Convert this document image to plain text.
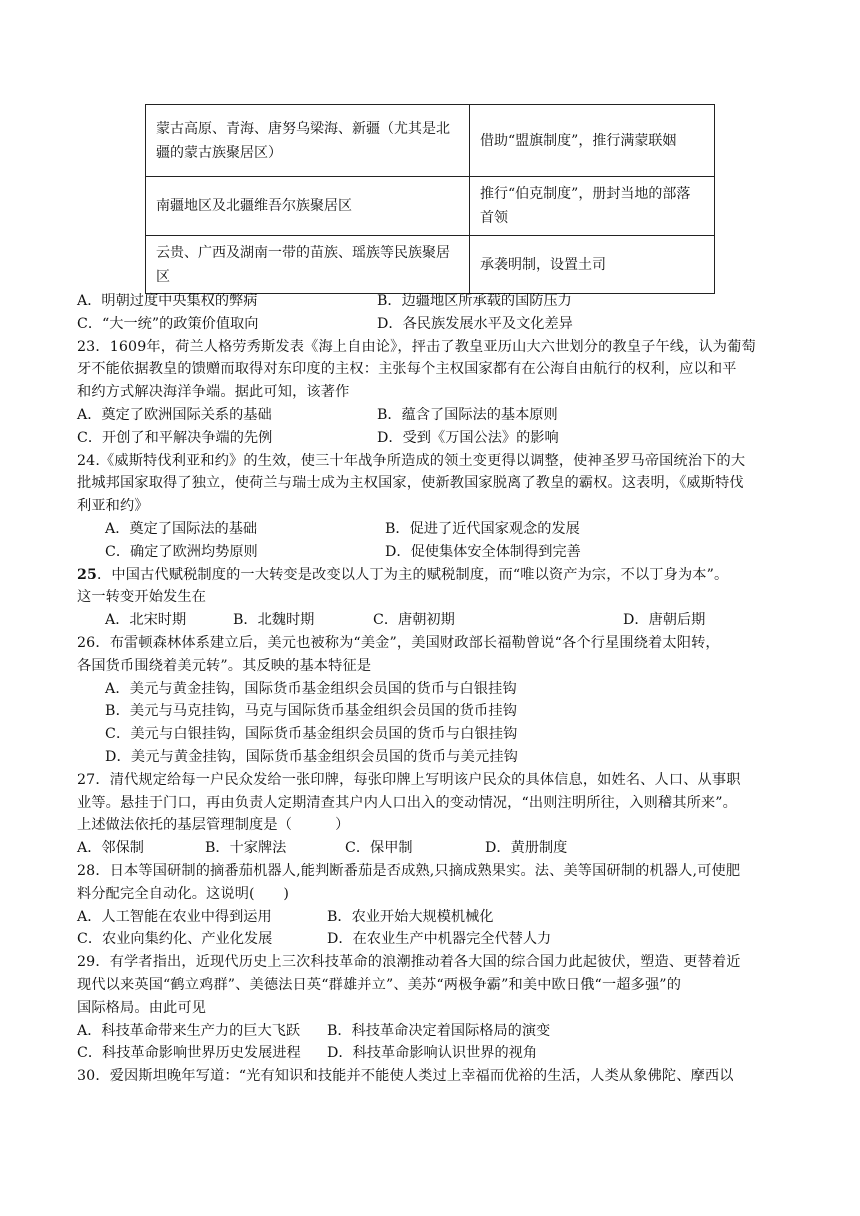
蒙古高原、青海、唐努乌梁海、新疆（尤其是北疆的蒙古族聚居区）	借助“盟旗制度”，推行满蒙联姻
南疆地区及北疆维吾尔族聚居区	推行“伯克制度”，册封当地的部落首领
云贵、广西及湖南一带的苗族、瑶族等民族聚居区	承袭明制，设置土司
A．明朝过度中央集权的弊病	B．边疆地区所承载的国防压力
C．“大一统”的政策价值取向	D．各民族发展水平及文化差异
23．1609年，荷兰人格劳秀斯发表《海上自由论》，抨击了教皇亚历山大六世划分的教皇子午线，认为葡萄
牙不能依据教皇的馈赠而取得对东印度的主权：主张每个主权国家都有在公海自由航行的权利，应以和平
和约方式解决海洋争端。据此可知，该著作
A．奠定了欧洲国际关系的基础	B．蕴含了国际法的基本原则
C．开创了和平解决争端的先例	D．受到《万国公法》的影响
24.《威斯特伐利亚和约》的生效，使三十年战争所造成的领土变更得以调整，使神圣罗马帝国统治下的大
批城邦国家取得了独立，使荷兰与瑞士成为主权国家，使新教国家脱离了教皇的霸权。这表明，《威斯特伐
利亚和约》
A．奠定了国际法的基础	B．促进了近代国家观念的发展
C．确定了欧洲均势原则	D．促使集体安全体制得到完善
25．中国古代赋税制度的一大转变是改变以人丁为主的赋税制度，而“唯以资产为宗，不以丁身为本”。
这一转变开始发生在
A．北宋时期	B．北魏时期	C．唐朝初期	D．唐朝后期
26．布雷顿森林体系建立后，美元也被称为“美金”，美国财政部长福勒曾说“各个行星围绕着太阳转，
各国货币围绕着美元转”。其反映的基本特征是
A．美元与黄金挂钩，国际货币基金组织会员国的货币与白银挂钩
B．美元与马克挂钩，马克与国际货币基金组织会员国的货币挂钩
C．美元与白银挂钩，国际货币基金组织会员国的货币与白银挂钩
D．美元与黄金挂钩，国际货币基金组织会员国的货币与美元挂钩
27．清代规定给每一户民众发给一张印牌，每张印牌上写明该户民众的具体信息，如姓名、人口、从事职
业等。悬挂于门口，再由负责人定期清查其户内人口出入的变动情况，“出则注明所往，入则稽其所来”。
上述做法依托的基层管理制度是（　　　）
A．邻保制	B．十家牌法	C．保甲制	D．黄册制度
28．日本等国研制的摘番茄机器人,能判断番茄是否成熟,只摘成熟果实。法、美等国研制的机器人,可使肥
料分配完全自动化。这说明(　　)
A．人工智能在农业中得到运用	B．农业开始大规模机械化
C．农业向集约化、产业化发展	D．在农业生产中机器完全代替人力
29．有学者指出，近现代历史上三次科技革命的浪潮推动着各大国的综合国力此起彼伏，塑造、更替着近
现代以来英国“鹤立鸡群”、美德法日英“群雄并立”、美苏“两极争霸”和美中欧日俄“一超多强”的
国际格局。由此可见
A．科技革命带来生产力的巨大飞跃	B．科技革命决定着国际格局的演变
C．科技革命影响世界历史发展进程	D．科技革命影响认识世界的视角
30．爱因斯坦晚年写道：“光有知识和技能并不能使人类过上幸福而优裕的生活，人类从象佛陀、摩西以
